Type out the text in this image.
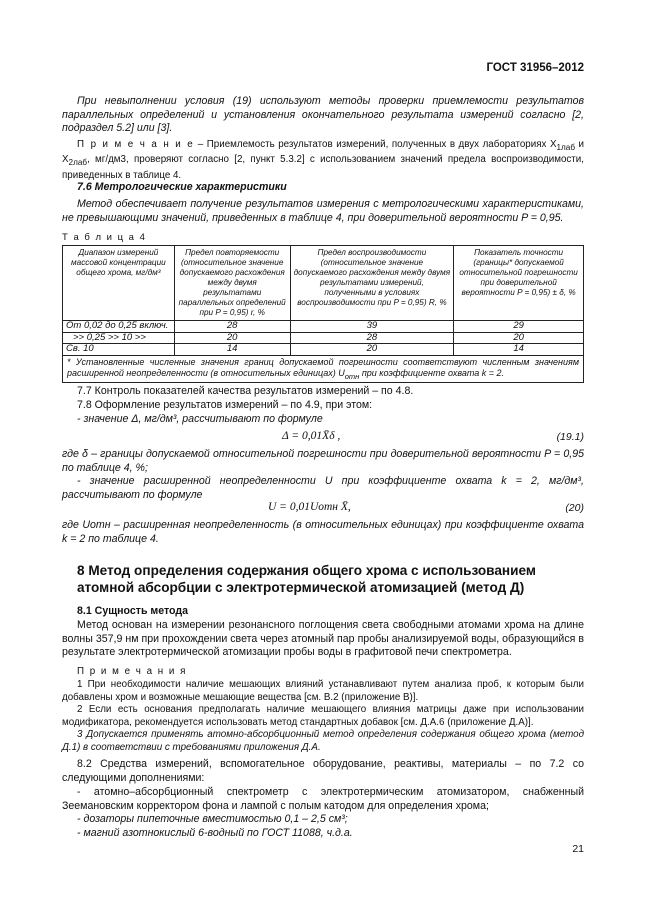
ГОСТ 31956–2012

При невыполнении условия (19) используют методы проверки приемлемости результатов параллельных определений и установления окончательного результата измерений согласно [2, подраздел 5.2] или [3].

П р и м е ч а н и е – Приемлемость результатов измерений, полученных в двух лабораториях $X_{1лаб}$ и $X_{2лаб}$, мг/дм3, проверяют согласно [2, пункт 5.3.2] с использованием значений предела воспроизводимости, приведенных в таблице 4.

7.6 Метрологические характеристики

Метод обеспечивает получение результатов измерения с метрологическими характеристиками, не превышающими значений, приведенных в таблице 4, при доверительной вероятности P = 0,95.

Т а б л и ц а 4

Диапазон измерений массовой концентрации общего хрома, мг/дм³	Предел повторяемости (относительное значение допускаемого расхождения между двумя результатами параллельных определений при P = 0,95) r, %	Предел воспроизводимости (относительное значение допускаемого расхождения между двумя результатами измерений, полученными в условиях воспроизводимости при P = 0,95) R, %	Показатель точности (границы* допускаемой относительной погрешности при доверительной вероятности P = 0,95) ± δ, %
От 0,02 до 0,25 включ.	28	39	29
>> 0,25 >> 10 >>	20	28	20
Св. 10	14	20	14
* Установленные численные значения границ допускаемой погрешности соответствуют численным значениям расширенной неопределенности (в относительных единицах) $U_{отн}$ при коэффициенте охвата k = 2.			

7.7 Контроль показателей качества результатов измерений – по 4.8.

7.8 Оформление результатов измерений – по 4.9, при этом:

- значение Δ, мг/дм³, рассчитывают по формуле

Δ = 0,01X̄δ ,	(19.1)

где δ – границы допускаемой относительной погрешности при доверительной вероятности P = 0,95 по таблице 4, %;

- значение расширенной неопределенности U при коэффициенте охвата k = 2, мг/дм³, рассчитывают по формуле

U = 0,01Uотн X̄,	(20)

где Uотн – расширенная неопределенность (в относительных единицах) при коэффициенте охвата k = 2 по таблице 4.

8 Метод определения содержания общего хрома с использованием атомной абсорбции с электротермической атомизацией (метод Д)

8.1 Сущность метода

Метод основан на измерении резонансного поглощения света свободными атомами хрома на длине волны 357,9 нм при прохождении света через атомный пар пробы анализируемой воды, образующийся в результате электротермической атомизации пробы воды в графитовой печи спектрометра.

П р и м е ч а н и я

1 При необходимости наличие мешающих влияний устанавливают путем анализа проб, к которым были добавлены хром и возможные мешающие вещества [см. В.2 (приложение В)].

2 Если есть основания предполагать наличие мешающего влияния матрицы даже при использовании модификатора, рекомендуется использовать метод стандартных добавок [см. Д.А.6 (приложение Д.А)].

3 Допускается применять атомно-абсорбционный метод определения содержания общего хрома (метод Д.1) в соответствии с требованиями приложения Д.А.

8.2 Средства измерений, вспомогательное оборудование, реактивы, материалы – по 7.2 со следующими дополнениями:

- атомно–абсорбционный спектрометр с электротермическим атомизатором, снабженный Зеемановским корректором фона и лампой с полым катодом для определения хрома;

- дозаторы пипеточные вместимостью 0,1 – 2,5 см³;

- магний азотнокислый 6-водный по ГОСТ 11088, ч.д.а.

21
